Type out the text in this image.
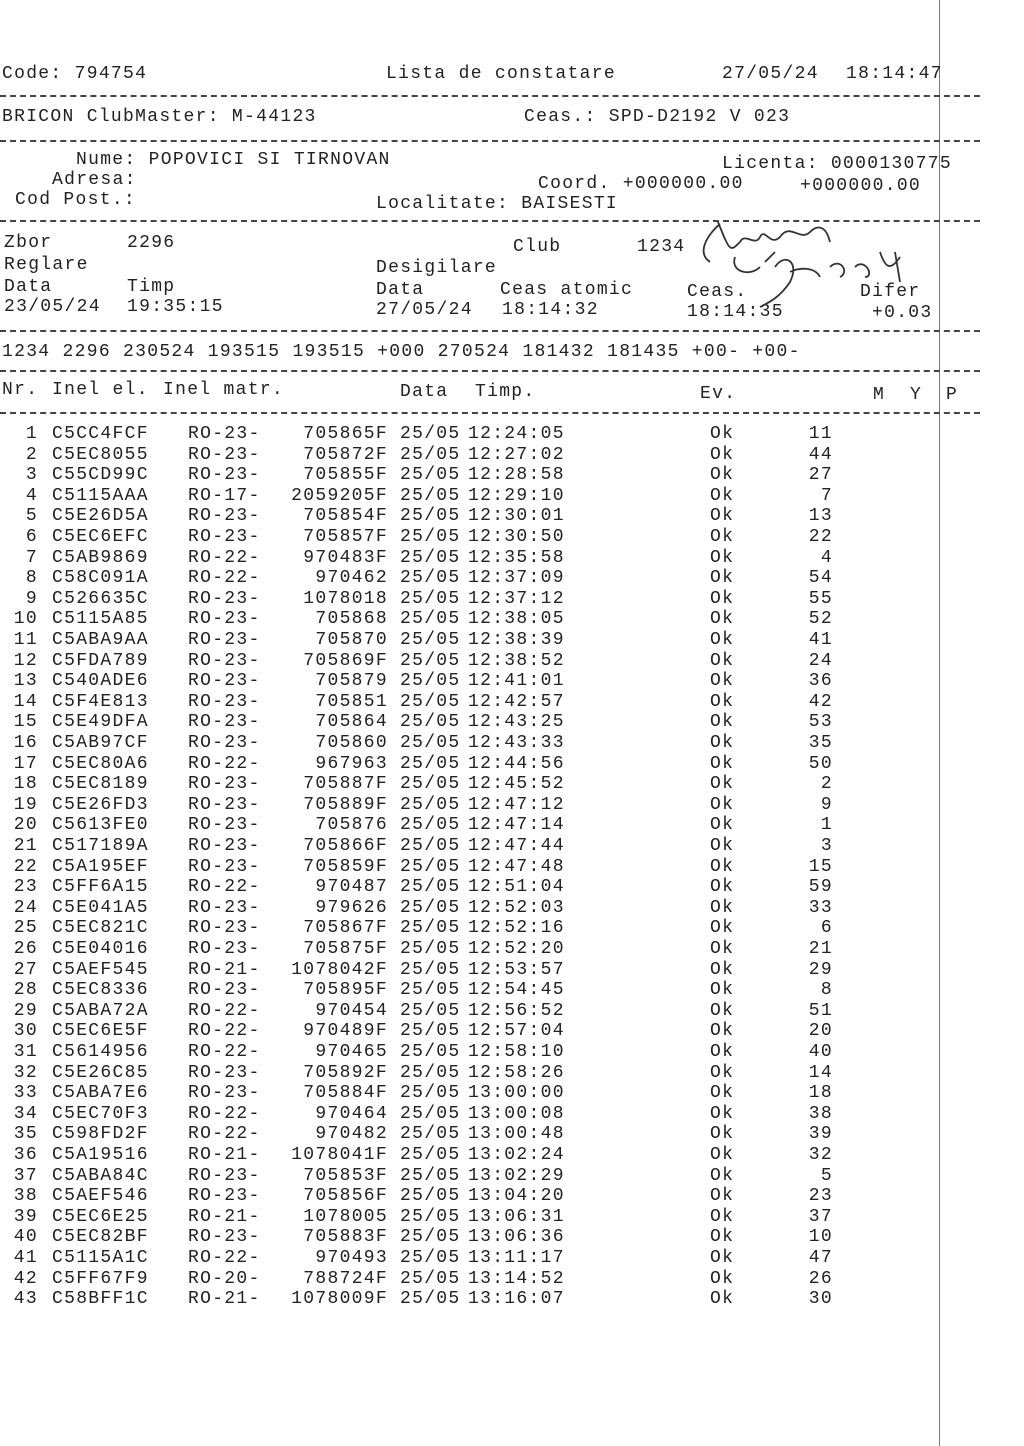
Code: 794754	Lista de constatare	27/05/24 18:14:47
BRICON ClubMaster: M-44123	Ceas.: SPD-D2192 V 023
Nume: POPOVICI SI TIRNOVAN	Licenta: 0000130775
Adresa:	Coord. +000000.00	+000000.00
Cod Post.:	Localitate: BAISESTI
Zbor	2296	Club	1234
Reglare	Desigilare
Data	Timp	Data	Ceas atomic	Ceas.	Difer
23/05/24 19:35:15	27/05/24 18:14:32	18:14:35	+0.03
1234 2296 230524 193515 193515 +000 270524 181432 181435 +00- +00-
Nr. Inel el. Inel matr.	Data Timp.	Ev.	M Y P
1 C5CC4FCF RO-23- 705865F 25/05 12:24:05	Ok	11
2 C5EC8055 RO-23- 705872F 25/05 12:27:02	Ok	44
3 C55CD99C RO-23- 705855F 25/05 12:28:58	Ok	27
4 C5115AAA RO-17- 2059205F 25/05 12:29:10	Ok	7
5 C5E26D5A RO-23- 705854F 25/05 12:30:01	Ok	13
6 C5EC6EFC RO-23- 705857F 25/05 12:30:50	Ok	22
7 C5AB9869 RO-22- 970483F 25/05 12:35:58	Ok	4
8 C58C091A RO-22-	970462 25/05 12:37:09	Ok	54
9 C526635C RO-23- 1078018 25/05 12:37:12	Ok	55
10 C5115A85 RO-23-	705868 25/05 12:38:05	Ok	52
11 C5ABA9AA RO-23-	705870 25/05 12:38:39	Ok	41
12 C5FDA789 RO-23- 705869F 25/05 12:38:52	Ok	24
13 C540ADE6 RO-23-	705879 25/05 12:41:01	Ok	36
14 C5F4E813 RO-23-	705851 25/05 12:42:57	Ok	42
15 C5E49DFA RO-23-	705864 25/05 12:43:25	Ok	53
16 C5AB97CF RO-23-	705860 25/05 12:43:33	Ok	35
17 C5EC80A6 RO-22-	967963 25/05 12:44:56	Ok	50
18 C5EC8189 RO-23- 705887F 25/05 12:45:52	Ok	2
19 C5E26FD3 RO-23- 705889F 25/05 12:47:12	Ok	9
20 C5613FE0 RO-23-	705876 25/05 12:47:14	Ok	1
21 C517189A RO-23- 705866F 25/05 12:47:44	Ok	3
22 C5A195EF RO-23- 705859F 25/05 12:47:48	Ok	15
23 C5FF6A15 RO-22-	970487 25/05 12:51:04	Ok	59
24 C5E041A5 RO-23-	979626 25/05 12:52:03	Ok	33
25 C5EC821C RO-23- 705867F 25/05 12:52:16	Ok	6
26 C5E04016 RO-23- 705875F 25/05 12:52:20	Ok	21
27 C5AEF545 RO-21- 1078042F 25/05 12:53:57	Ok	29
28 C5EC8336 RO-23- 705895F 25/05 12:54:45	Ok	8
29 C5ABA72A RO-22-	970454 25/05 12:56:52	Ok	51
30 C5EC6E5F RO-22- 970489F 25/05 12:57:04	Ok	20
31 C5614956 RO-22-	970465 25/05 12:58:10	Ok	40
32 C5E26C85 RO-23- 705892F 25/05 12:58:26	Ok	14
33 C5ABA7E6 RO-23- 705884F 25/05 13:00:00	Ok	18
34 C5EC70F3 RO-22-	970464 25/05 13:00:08	Ok	38
35 C598FD2F RO-22-	970482 25/05 13:00:48	Ok	39
36 C5A19516 RO-21- 1078041F 25/05 13:02:24	Ok	32
37 C5ABA84C RO-23- 705853F 25/05 13:02:29	Ok	5
38 C5AEF546 RO-23- 705856F 25/05 13:04:20	Ok	23
39 C5EC6E25 RO-21- 1078005 25/05 13:06:31	Ok	37
40 C5EC82BF RO-23- 705883F 25/05 13:06:36	Ok	10
41 C5115A1C RO-22-	970493 25/05 13:11:17	Ok	47
42 C5FF67F9 RO-20- 788724F 25/05 13:14:52	Ok	26
43 C58BFF1C RO-21- 1078009F 25/05 13:16:07	Ok	30
